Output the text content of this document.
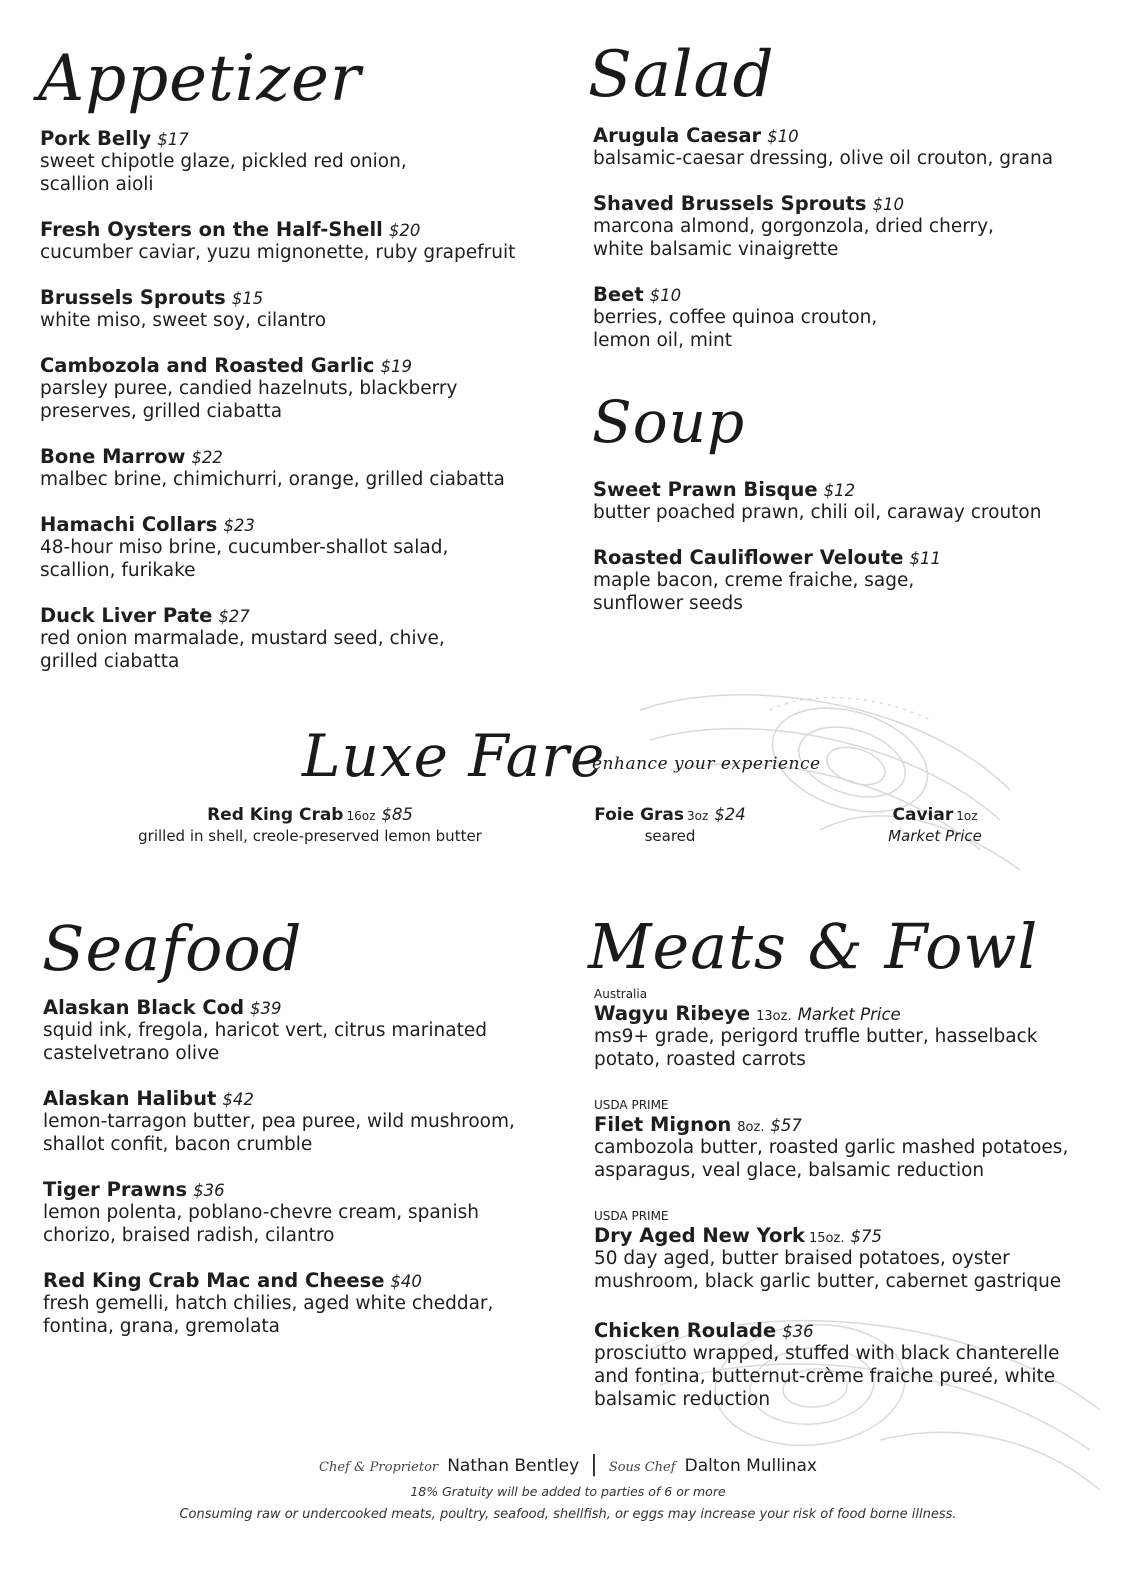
Appetizer
Pork Belly $17
sweet chipotle glaze, pickled red onion,
scallion aioli
Fresh Oysters on the Half-Shell $20
cucumber caviar, yuzu mignonette, ruby grapefruit
Brussels Sprouts $15
white miso, sweet soy, cilantro
Cambozola and Roasted Garlic $19
parsley puree, candied hazelnuts, blackberry
preserves, grilled ciabatta
Bone Marrow $22
malbec brine, chimichurri, orange, grilled ciabatta
Hamachi Collars $23
48-hour miso brine, cucumber-shallot salad,
scallion, furikake
Duck Liver Pate $27
red onion marmalade, mustard seed, chive,
grilled ciabatta
Salad
Arugula Caesar $10
balsamic-caesar dressing, olive oil crouton, grana
Shaved Brussels Sprouts $10
marcona almond, gorgonzola, dried cherry,
white balsamic vinaigrette
Beet $10
berries, coffee quinoa crouton,
lemon oil, mint
Soup
Sweet Prawn Bisque $12
butter poached prawn, chili oil, caraway crouton
Roasted Cauliflower Veloute $11
maple bacon, creme fraiche, sage,
sunflower seeds
Luxe Fare
enhance your experience
Red King Crab 16oz $85
grilled in shell, creole-preserved lemon butter
Foie Gras 3oz $24
seared
Caviar 1oz
Market Price
Seafood
Alaskan Black Cod $39
squid ink, fregola, haricot vert, citrus marinated
castelvetrano olive
Alaskan Halibut $42
lemon-tarragon butter, pea puree, wild mushroom,
shallot confit, bacon crumble
Tiger Prawns $36
lemon polenta, poblano-chevre cream, spanish
chorizo, braised radish, cilantro
Red King Crab Mac and Cheese $40
fresh gemelli, hatch chilies, aged white cheddar,
fontina, grana, gremolata
Meats & Fowl
Australia
Wagyu Ribeye 13oz. Market Price
ms9+ grade, perigord truffle butter, hasselback
potato, roasted carrots
USDA PRIME
Filet Mignon 8oz. $57
cambozola butter, roasted garlic mashed potatoes,
asparagus, veal glace, balsamic reduction
USDA PRIME
Dry Aged New York 15oz. $75
50 day aged, butter braised potatoes, oyster
mushroom, black garlic butter, cabernet gastrique
Chicken Roulade $36
prosciutto wrapped, stuffed with black chanterelle
and fontina, butternut-crème fraiche pureé, white
balsamic reduction
Chef & Proprietor Nathan Bentley | Sous Chef Dalton Mullinax
18% Gratuity will be added to parties of 6 or more
Consuming raw or undercooked meats, poultry, seafood, shellfish, or eggs may increase your risk of food borne illness.
